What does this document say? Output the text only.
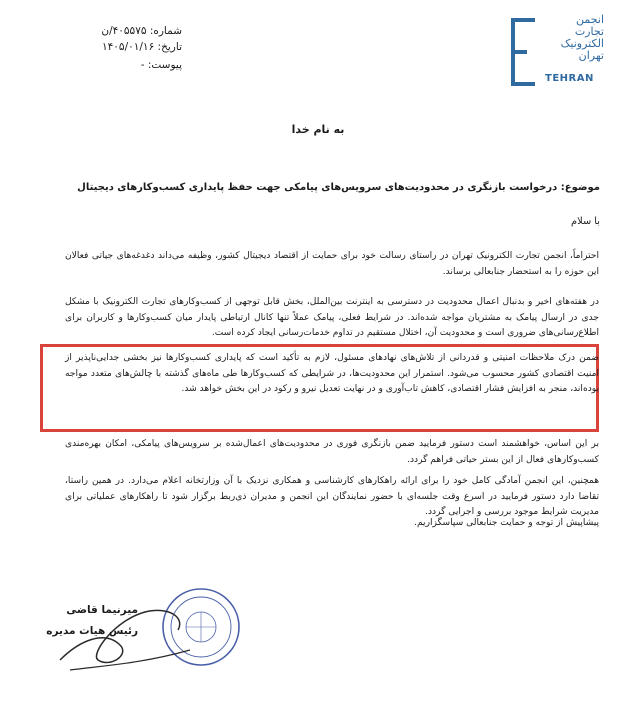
انجمن
تجارت
الکترونیک
تهران
TEHRAN
شماره: ۴۰۵۵۷۵/ن
تاریخ: ۱۴۰۵/۰۱/۱۶
پیوست: -
به نام خدا
موضوع: درخواست بازنگری در محدودیت‌های سرویس‌های پیامکی جهت حفظ پایداری کسب‌وکارهای دیجیتال
با سلام
احتراماً، انجمن تجارت الکترونیک تهران در راستای رسالت خود برای حمایت از اقتصاد دیجیتال کشور، وظیفه می‌داند دغدغه‌های جیاتی فعالان این حوزه را به استحضار جنابعالی برساند.
در هفته‌های اخیر و بدنبال اعمال محدودیت در دسترسی به اینترنت بین‌الملل، بخش قابل توجهی از کسب‌وکارهای تجارت الکترونیک با مشکل جدی در ارسال پیامک به مشتریان مواجه شده‌اند. در شرایط فعلی، پیامک عملاً تنها کانال ارتباطی پایدار میان کسب‌وکارها و کاربران برای اطلاع‌رسانی‌های ضروری است و محدودیت آن، اختلال مستقیم در تداوم خدمات‌رسانی ایجاد کرده است.
ضمن درک ملاحظات امنیتی و قدردانی از تلاش‌های نهادهای مسئول، لازم به تأکید است که پایداری کسب‌وکارها نیز بخشی جدایی‌ناپذیر از امنیت اقتصادی کشور محسوب می‌شود. استمرار این محدودیت‌ها، در شرایطی که کسب‌وکارها طی ماه‌های گذشته با چالش‌های متعدد مواجه بوده‌اند، منجر به افزایش فشار اقتصادی، کاهش تاب‌آوری و در نهایت تعدیل نیرو و رکود در این بخش خواهد شد.
بر این اساس، خواهشمند است دستور فرمایید ضمن بازنگری فوری در محدودیت‌های اعمال‌شده بر سرویس‌های پیامکی، امکان بهره‌مندی کسب‌وکارهای فعال از این بستر حیاتی فراهم گردد.
همچنین، این انجمن آمادگی کامل خود را برای ارائه راهکارهای کارشناسی و همکاری نزدیک با آن وزارتخانه اعلام می‌دارد. در همین راستا، تقاضا دارد دستور فرمایید در اسرع وقت جلسه‌ای با حضور نمایندگان این انجمن و مدیران ذی‌ربط برگزار شود تا راهکارهای عملیاتی برای مدیریت شرایط موجود بررسی و اجرایی گردد.
پیشاپیش از توجه و حمایت جنابعالی سپاسگزاریم.
میرنیما قاضی
رئیس هیات مدیره
